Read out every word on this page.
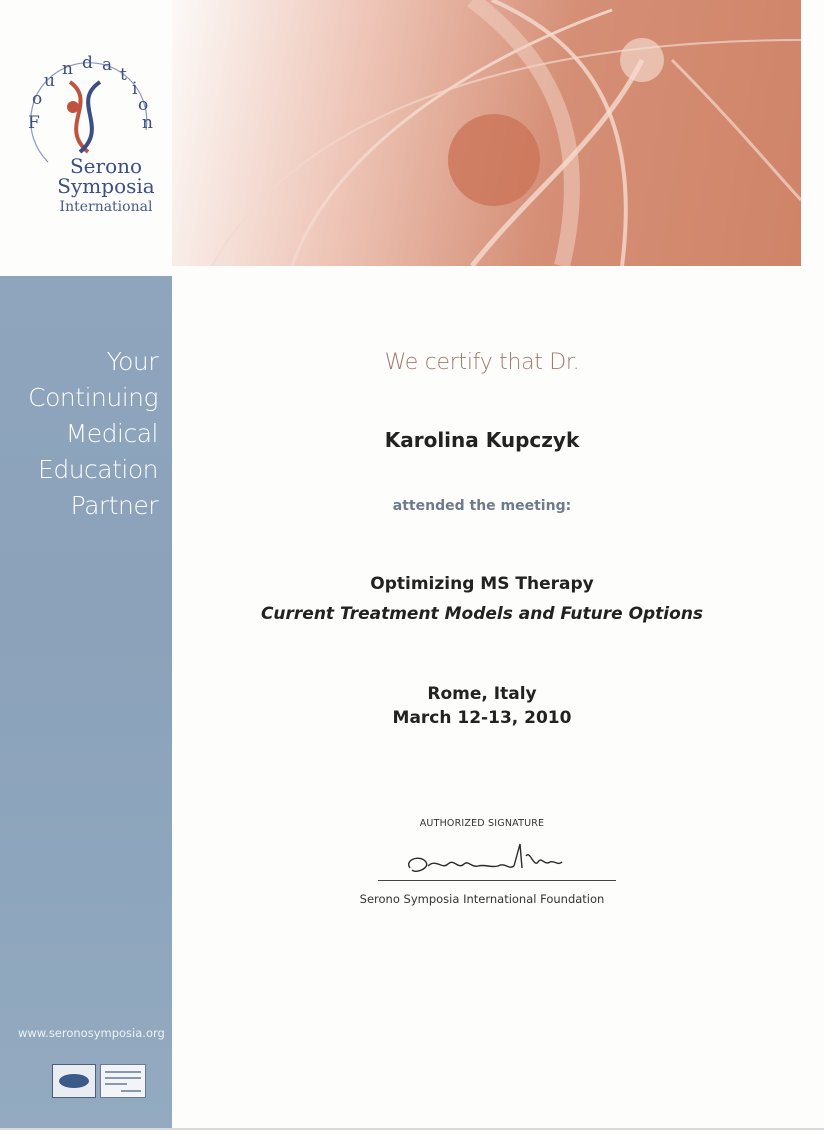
F o u n d a t i o n
Serono
Symposia
International
Your
Continuing
Medical
Education
Partner
www.seronosymposia.org
We certify that Dr.
Karolina Kupczyk
attended the meeting:
Optimizing MS Therapy
Current Treatment Models and Future Options
Rome, Italy
March 12-13, 2010
AUTHORIZED SIGNATURE
Serono Symposia International Foundation
